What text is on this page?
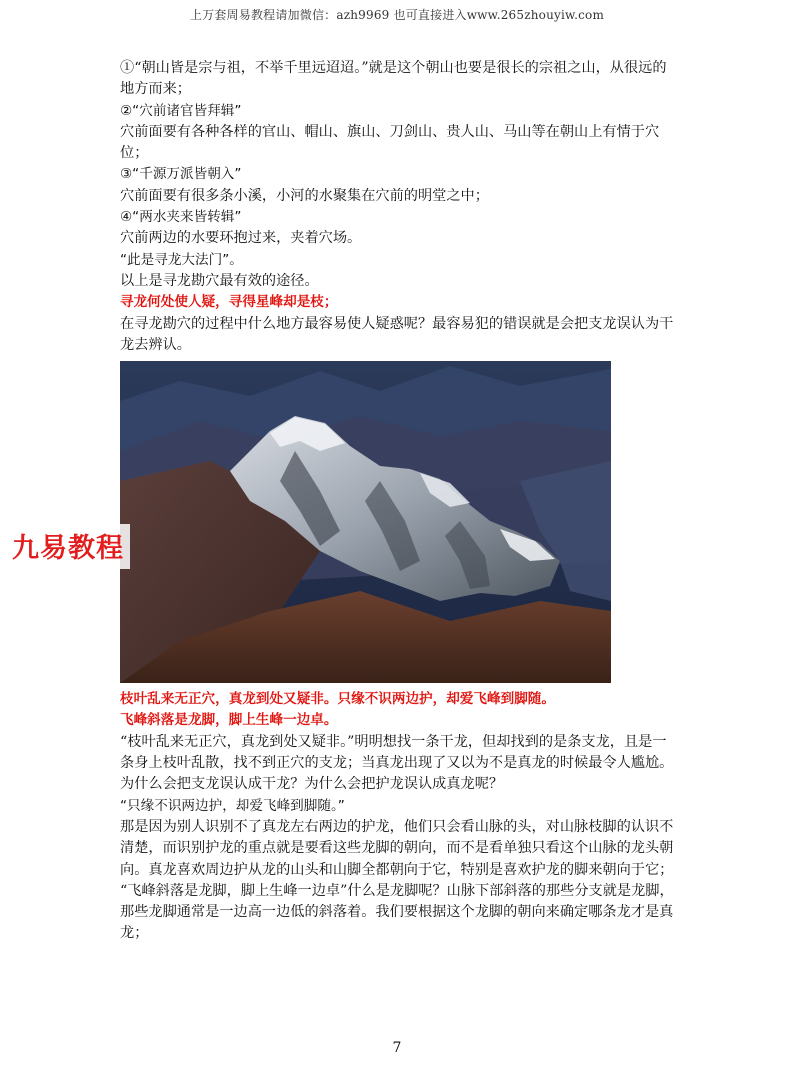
上万套周易教程请加微信：azh9969 也可直接进入www.265zhouyiw.com

①“朝山皆是宗与祖，不举千里远迢迢。”就是这个朝山也要是很长的宗祖之山，从很远的地方而来；

②“穴前诸官皆拜辑”

穴前面要有各种各样的官山、帽山、旗山、刀剑山、贵人山、马山等在朝山上有情于穴位；

③“千源万派皆朝入”

穴前面要有很多条小溪，小河的水聚集在穴前的明堂之中；

④“两水夹来皆转辑”

穴前两边的水要环抱过来，夹着穴场。

“此是寻龙大法门”。

以上是寻龙勘穴最有效的途径。

寻龙何处使人疑，寻得星峰却是枝；

在寻龙勘穴的过程中什么地方最容易使人疑惑呢？最容易犯的错误就是会把支龙误认为干龙去辨认。

枝叶乱来无正穴，真龙到处又疑非。只缘不识两边护，却爱飞峰到脚随。

飞峰斜落是龙脚，脚上生峰一边卓。

“枝叶乱来无正穴，真龙到处又疑非。”明明想找一条干龙，但却找到的是条支龙，且是一条身上枝叶乱散，找不到正穴的支龙；当真龙出现了又以为不是真龙的时候最令人尴尬。

为什么会把支龙误认成干龙？为什么会把护龙误认成真龙呢？

“只缘不识两边护，却爱飞峰到脚随。”

那是因为别人识别不了真龙左右两边的护龙，他们只会看山脉的头，对山脉枝脚的认识不清楚，而识别护龙的重点就是要看这些龙脚的朝向，而不是看单独只看这个山脉的龙头朝向。真龙喜欢周边护从龙的山头和山脚全都朝向于它，特别是喜欢护龙的脚来朝向于它；

“飞峰斜落是龙脚，脚上生峰一边卓”什么是龙脚呢？山脉下部斜落的那些分支就是龙脚，那些龙脚通常是一边高一边低的斜落着。我们要根据这个龙脚的朝向来确定哪条龙才是真龙；

九易教程
7
